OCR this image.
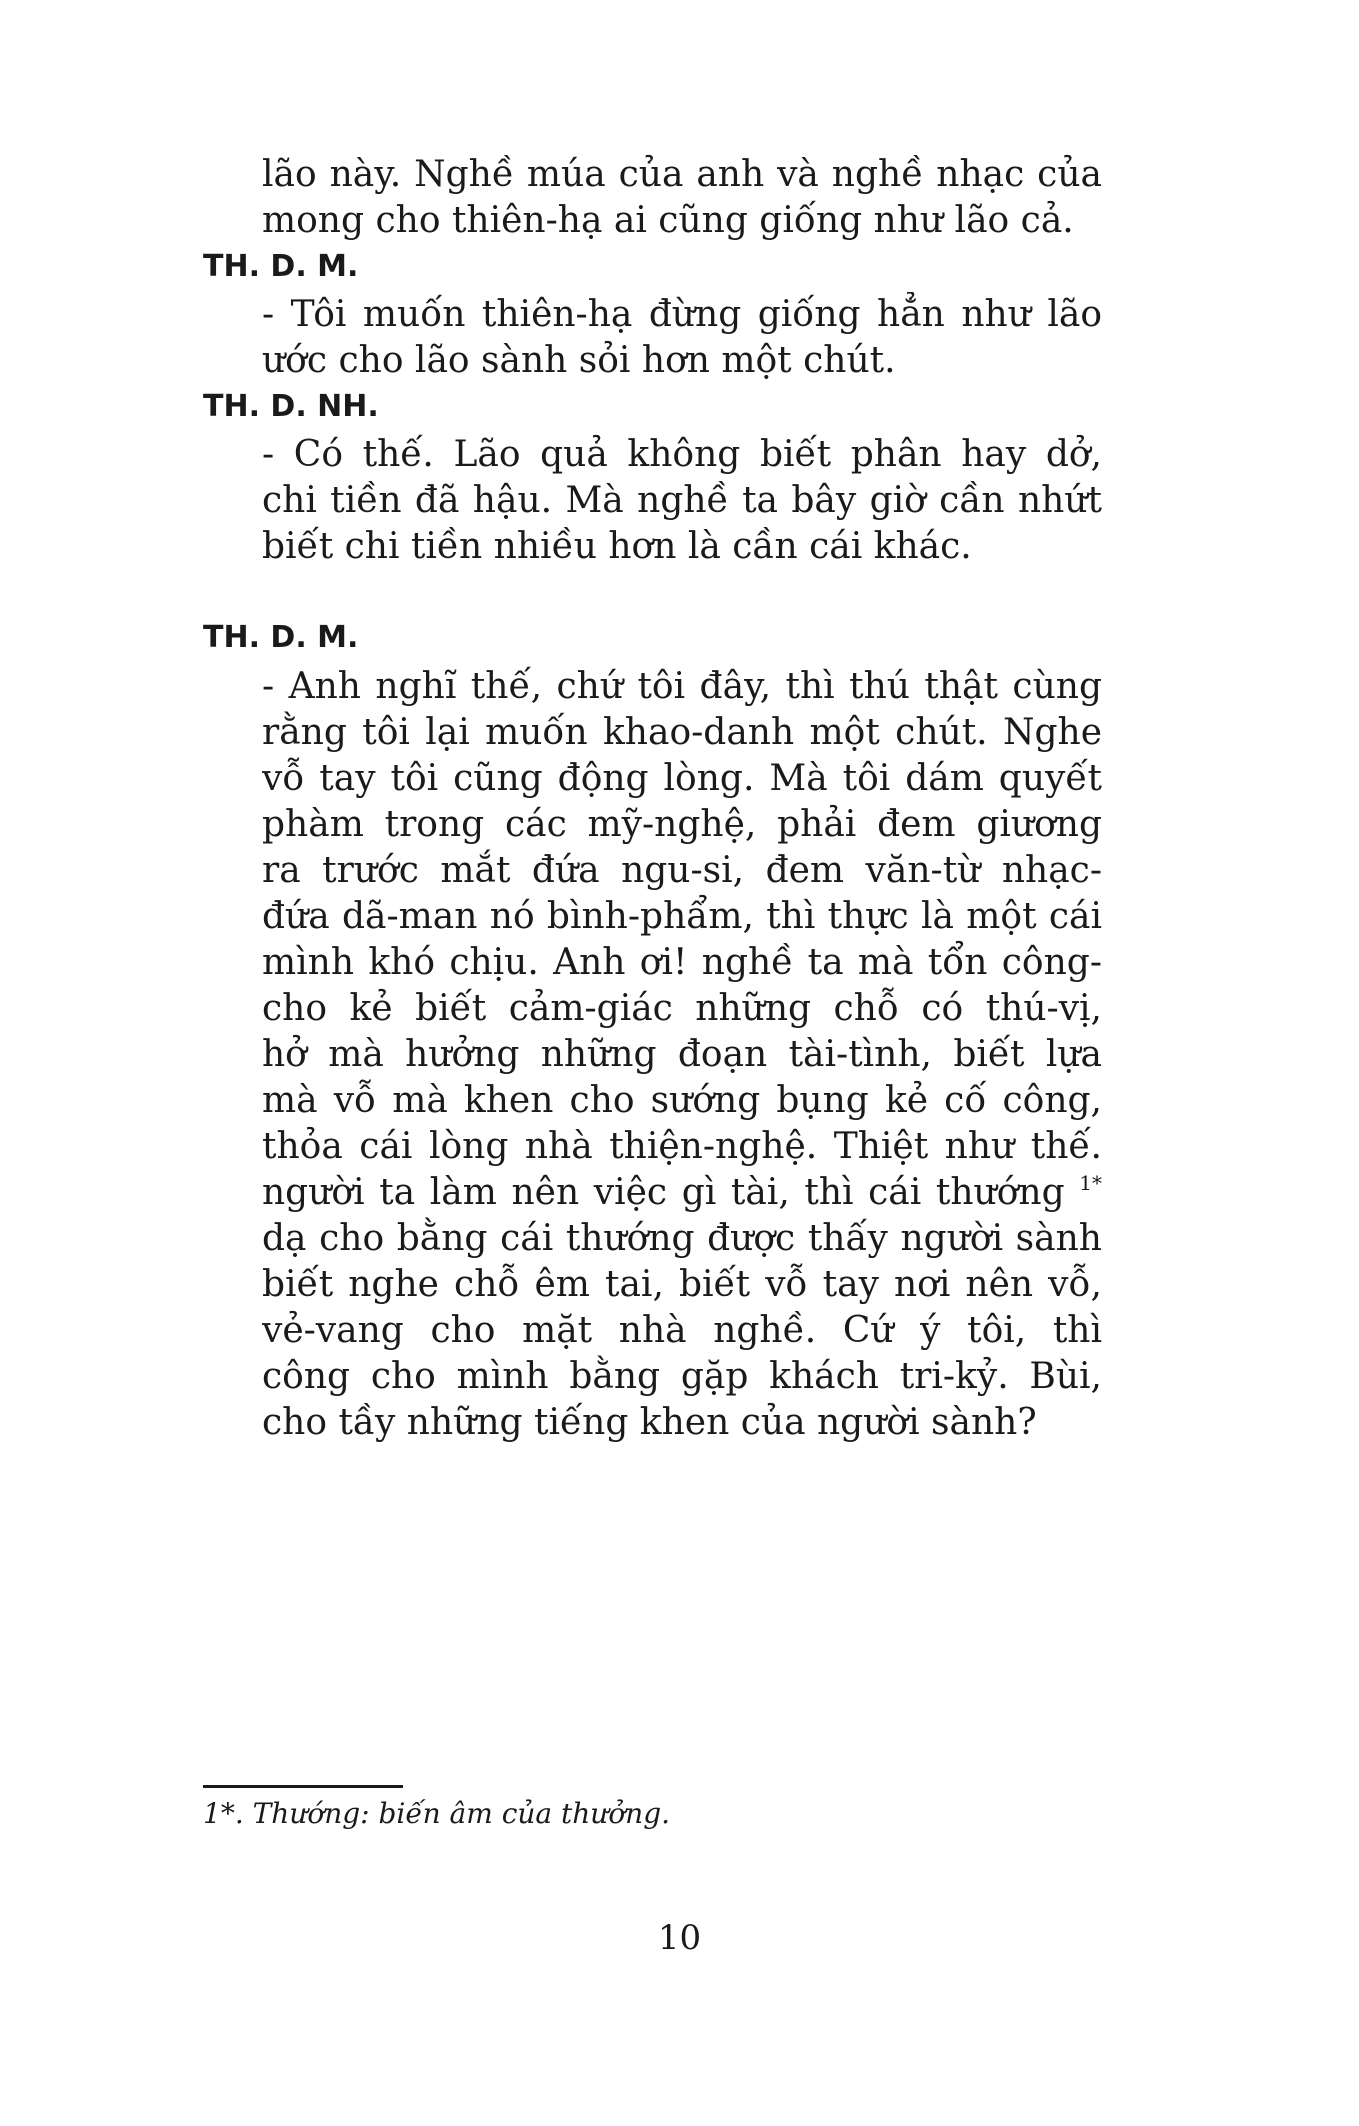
lão này. Nghề múa của anh và nghề nhạc của

mong cho thiên-hạ ai cũng giống như lão cả.

TH. D. M.

- Tôi muốn thiên-hạ đừng giống hẳn như lão

ước cho lão sành sỏi hơn một chút.

TH. D. NH.

- Có thế. Lão quả không biết phân hay dở,

chi tiền đã hậu. Mà nghề ta bây giờ cần nhứt

biết chi tiền nhiều hơn là cần cái khác.

TH. D. M.

- Anh nghĩ thế, chứ tôi đây, thì thú thật cùng

rằng tôi lại muốn khao-danh một chút. Nghe

vỗ tay tôi cũng động lòng. Mà tôi dám quyết

phàm trong các mỹ-nghệ, phải đem giương

ra trước mắt đứa ngu-si, đem văn-từ nhạc-

đứa dã-man nó bình-phẩm, thì thực là một cái

mình khó chịu. Anh ơi! nghề ta mà tổn công-

cho kẻ biết cảm-giác những chỗ có thú-vị,

hở mà hưởng những đoạn tài-tình, biết lựa

mà vỗ mà khen cho sướng bụng kẻ cố công,

thỏa cái lòng nhà thiện-nghệ. Thiệt như thế.

người ta làm nên việc gì tài, thì cái thướng $^{1*}$

dạ cho bằng cái thướng được thấy người sành

biết nghe chỗ êm tai, biết vỗ tay nơi nên vỗ,

vẻ-vang cho mặt nhà nghề. Cứ ý tôi, thì

công cho mình bằng gặp khách tri-kỷ. Bùi,

cho tầy những tiếng khen của người sành?

1*. Thướng: biến âm của thưởng.

10
